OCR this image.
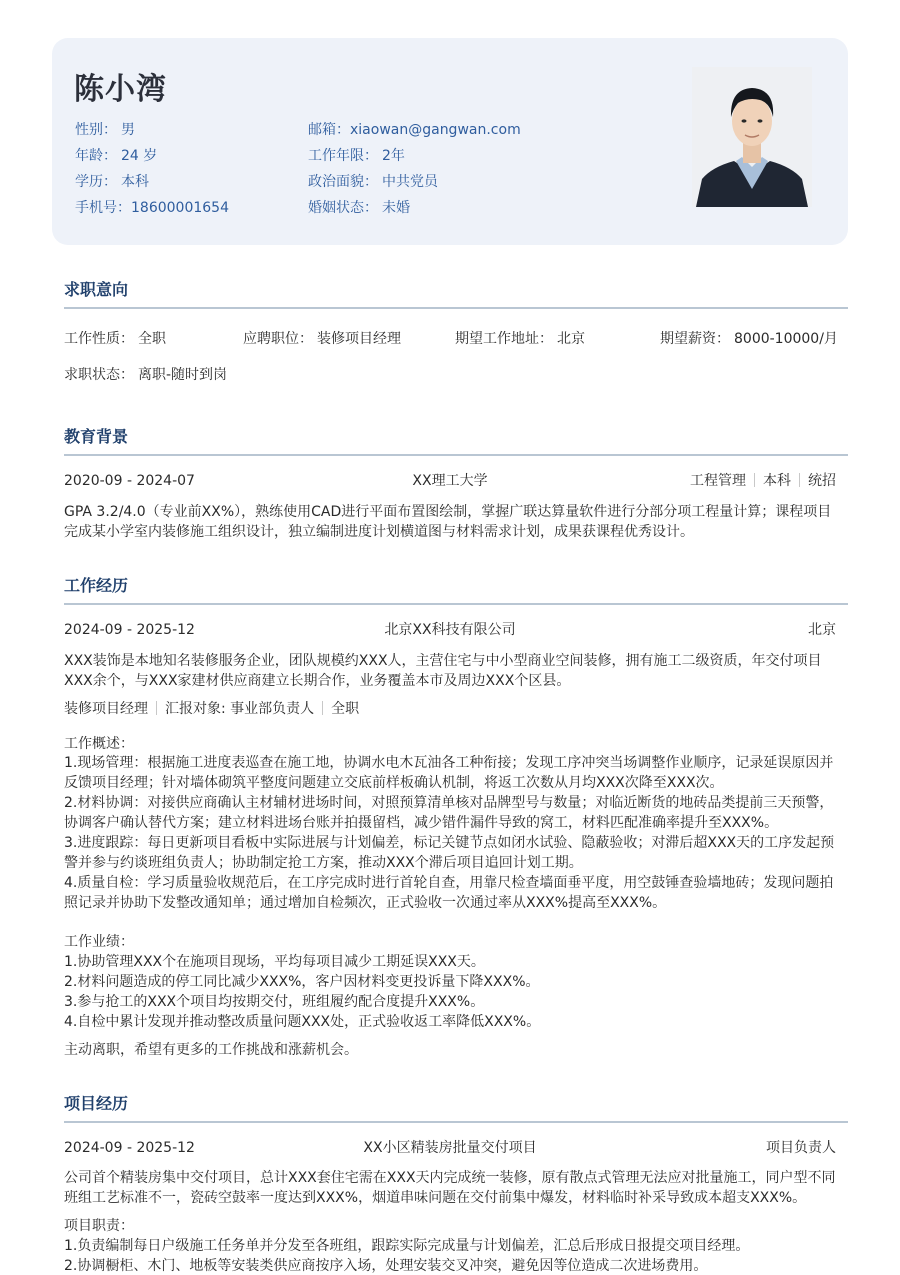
陈小湾
性别： 男
年龄： 24 岁
学历： 本科
手机号：18600001654
邮箱：xiaowan@gangwan.com
工作年限： 2年
政治面貌： 中共党员
婚姻状态： 未婚
求职意向
工作性质： 全职	应聘职位： 装修项目经理	期望工作地址： 北京	期望薪资： 8000-10000/月
求职状态： 离职-随时到岗
教育背景
2020-09 - 2024-07	XX理工大学	工程管理 本科 统招
GPA 3.2/4.0（专业前XX%），熟练使用CAD进行平面布置图绘制，掌握广联达算量软件进行分部分项工程量计算；课程项目完成某小学室内装修施工组织设计，独立编制进度计划横道图与材料需求计划，成果获课程优秀设计。
工作经历
2024-09 - 2025-12	北京XX科技有限公司	北京
XXX装饰是本地知名装修服务企业，团队规模约XXX人，主营住宅与中小型商业空间装修，拥有施工二级资质，年交付项目XXX余个，与XXX家建材供应商建立长期合作，业务覆盖本市及周边XXX个区县。
装修项目经理 汇报对象: 事业部负责人 全职
工作概述：
1.现场管理：根据施工进度表巡查在施工地，协调水电木瓦油各工种衔接；发现工序冲突当场调整作业顺序，记录延误原因并反馈项目经理；针对墙体砌筑平整度问题建立交底前样板确认机制，将返工次数从月均XXX次降至XXX次。
2.材料协调：对接供应商确认主材辅材进场时间，对照预算清单核对品牌型号与数量；对临近断货的地砖品类提前三天预警，协调客户确认替代方案；建立材料进场台账并拍摄留档，减少错件漏件导致的窝工，材料匹配准确率提升至XXX%。
3.进度跟踪：每日更新项目看板中实际进展与计划偏差，标记关键节点如闭水试验、隐蔽验收；对滞后超XXX天的工序发起预警并参与约谈班组负责人；协助制定抢工方案，推动XXX个滞后项目追回计划工期。
4.质量自检：学习质量验收规范后，在工序完成时进行首轮自查，用靠尺检查墙面垂平度，用空鼓锤查验墙地砖；发现问题拍照记录并协助下发整改通知单；通过增加自检频次，正式验收一次通过率从XXX%提高至XXX%。
工作业绩：
1.协助管理XXX个在施项目现场，平均每项目减少工期延误XXX天。
2.材料问题造成的停工同比减少XXX%，客户因材料变更投诉量下降XXX%。
3.参与抢工的XXX个项目均按期交付，班组履约配合度提升XXX%。
4.自检中累计发现并推动整改质量问题XXX处，正式验收返工率降低XXX%。
主动离职，希望有更多的工作挑战和涨薪机会。
项目经历
2024-09 - 2025-12	XX小区精装房批量交付项目	项目负责人
公司首个精装房集中交付项目，总计XXX套住宅需在XXX天内完成统一装修，原有散点式管理无法应对批量施工，同户型不同班组工艺标准不一，瓷砖空鼓率一度达到XXX%，烟道串味问题在交付前集中爆发，材料临时补采导致成本超支XXX%。
项目职责：
1.负责编制每日户级施工任务单并分发至各班组，跟踪实际完成量与计划偏差，汇总后形成日报提交项目经理。
2.协调橱柜、木门、地板等安装类供应商按序入场，处理安装交叉冲突，避免因等位造成二次进场费用。
